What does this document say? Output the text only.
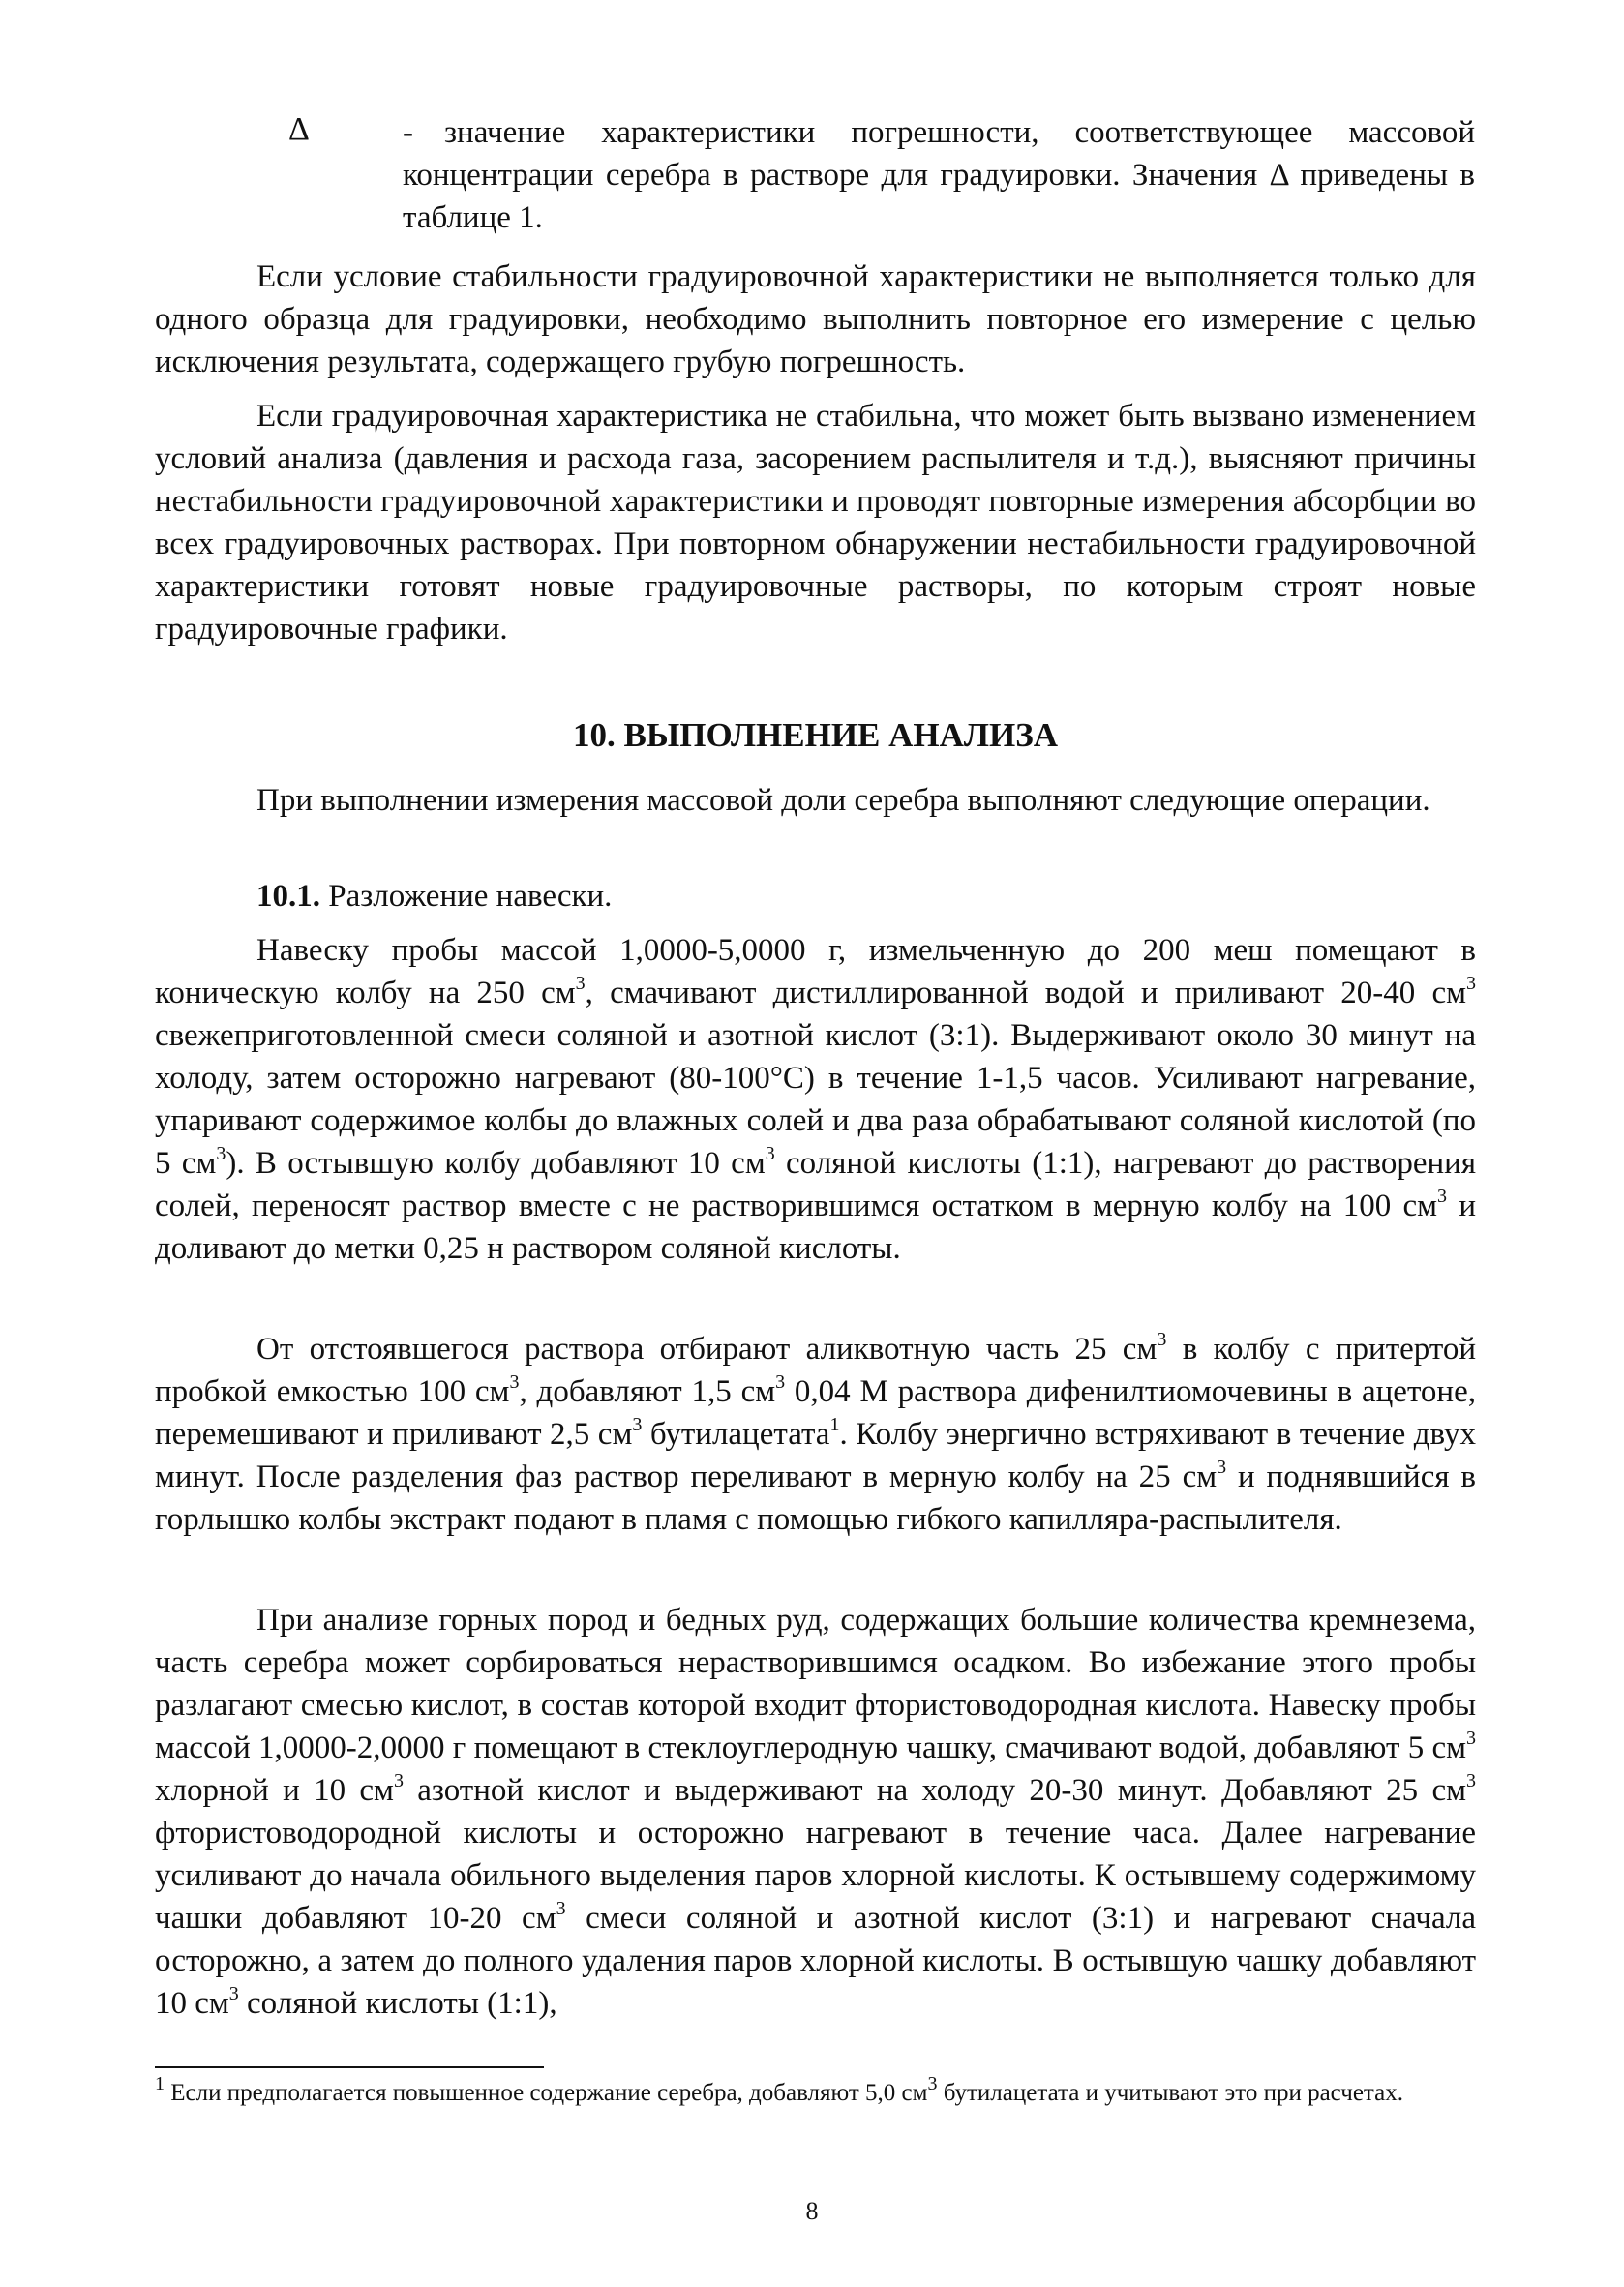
Δ	- значение характеристики погрешности, соответствующее массовой концентрации серебра в растворе для градуировки. Значения Δ приведены в таблице 1.

Если условие стабильности градуировочной характеристики не выполняется только для одного образца для градуировки, необходимо выполнить повторное его измерение с целью исключения результата, содержащего грубую погрешность.

Если градуировочная характеристика не стабильна, что может быть вызвано изменением условий анализа (давления и расхода газа, засорением распылителя и т.д.), выясняют причины нестабильности градуировочной характеристики и проводят повторные измерения абсорбции во всех градуировочных растворах. При повторном обнаружении нестабильности градуировочной характеристики готовят новые градуировочные растворы, по которым строят новые градуировочные графики.

10. ВЫПОЛНЕНИЕ АНАЛИЗА

При выполнении измерения массовой доли серебра выполняют следующие операции.

10.1. Разложение навески.

Навеску пробы массой 1,0000-5,0000 г, измельченную до 200 меш помещают в коническую колбу на 250 $см^3$, смачивают дистиллированной водой и приливают 20-40 $см^3$ свежеприготовленной смеси соляной и азотной кислот (3:1). Выдерживают около 30 минут на холоду, затем осторожно нагревают (80-100°С) в течение 1-1,5 часов. Усиливают нагревание, упаривают содержимое колбы до влажных солей и два раза обрабатывают соляной кислотой (по 5 $см^3$). В остывшую колбу добавляют 10 $см^3$ соляной кислоты (1:1), нагревают до растворения солей, переносят раствор вместе с не растворившимся остатком в мерную колбу на 100 $см^3$ и доливают до метки 0,25 н раствором соляной кислоты.

От отстоявшегося раствора отбирают аликвотную часть 25 $см^3$ в колбу с притертой пробкой емкостью 100 $см^3$, добавляют 1,5 $см^3$ 0,04 М раствора дифенилтиомочевины в ацетоне, перемешивают и приливают 2,5 $см^3$ бутилацетата$^1$. Колбу энергично встряхивают в течение двух минут. После разделения фаз раствор переливают в мерную колбу на 25 $см^3$ и поднявшийся в горлышко колбы экстракт подают в пламя с помощью гибкого капилляра-распылителя.

При анализе горных пород и бедных руд, содержащих большие количества кремнезема, часть серебра может сорбироваться нерастворившимся осадком. Во избежание этого пробы разлагают смесью кислот, в состав которой входит фтористоводородная кислота. Навеску пробы массой 1,0000-2,0000 г помещают в стеклоуглеродную чашку, смачивают водой, добавляют 5 $см^3$ хлорной и 10 $см^3$ азотной кислот и выдерживают на холоду 20-30 минут. Добавляют 25 $см^3$ фтористоводородной кислоты и осторожно нагревают в течение часа. Далее нагревание усиливают до начала обильного выделения паров хлорной кислоты. К остывшему содержимому чашки добавляют 10-20 $см^3$ смеси соляной и азотной кислот (3:1) и нагревают сначала осторожно, а затем до полного удаления паров хлорной кислоты. В остывшую чашку добавляют 10 $см^3$ соляной кислоты (1:1),

$^1$ Если предполагается повышенное содержание серебра, добавляют 5,0 $см^3$ бутилацетата и учитывают это при расчетах.

8
